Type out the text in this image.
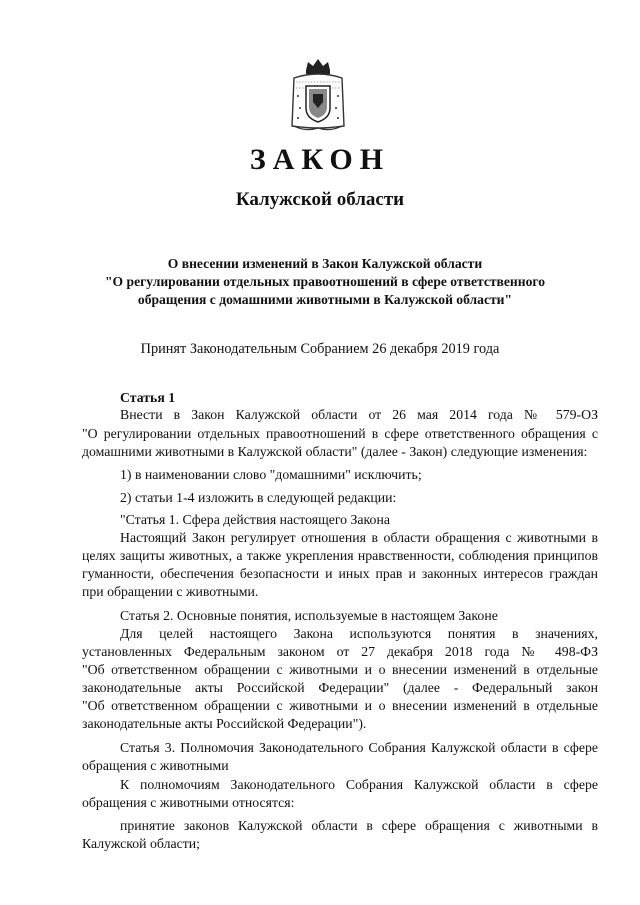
ЗАКОН
Калужской области
О внесении изменений в Закон Калужской области
"О регулировании отдельных правоотношений в сфере ответственного
обращения с домашними животными в Калужской области"
Принят Законодательным Собранием 26 декабря 2019 года
Статья 1
Внести в Закон Калужской области от 26 мая 2014 года № 579-ОЗ
"О регулировании отдельных правоотношений в сфере ответственного обращения с
домашними животными в Калужской области" (далее - Закон) следующие изменения:
1) в наименовании слово "домашними" исключить;
2) статьи 1-4 изложить в следующей редакции:
"Статья 1. Сфера действия настоящего Закона
Настоящий Закон регулирует отношения в области обращения с животными в
целях защиты животных, а также укрепления нравственности, соблюдения принципов
гуманности, обеспечения безопасности и иных прав и законных интересов граждан
при обращении с животными.
Статья 2. Основные понятия, используемые в настоящем Законе
Для целей настоящего Закона используются понятия в значениях,
установленных Федеральным законом от 27 декабря 2018 года № 498-ФЗ
"Об ответственном обращении с животными и о внесении изменений в отдельные
законодательные акты Российской Федерации" (далее - Федеральный закон
"Об ответственном обращении с животными и о внесении изменений в отдельные
законодательные акты Российской Федерации").
Статья 3. Полномочия Законодательного Собрания Калужской области в сфере
обращения с животными
К полномочиям Законодательного Собрания Калужской области в сфере
обращения с животными относятся:
принятие законов Калужской области в сфере обращения с животными в
Калужской области;
